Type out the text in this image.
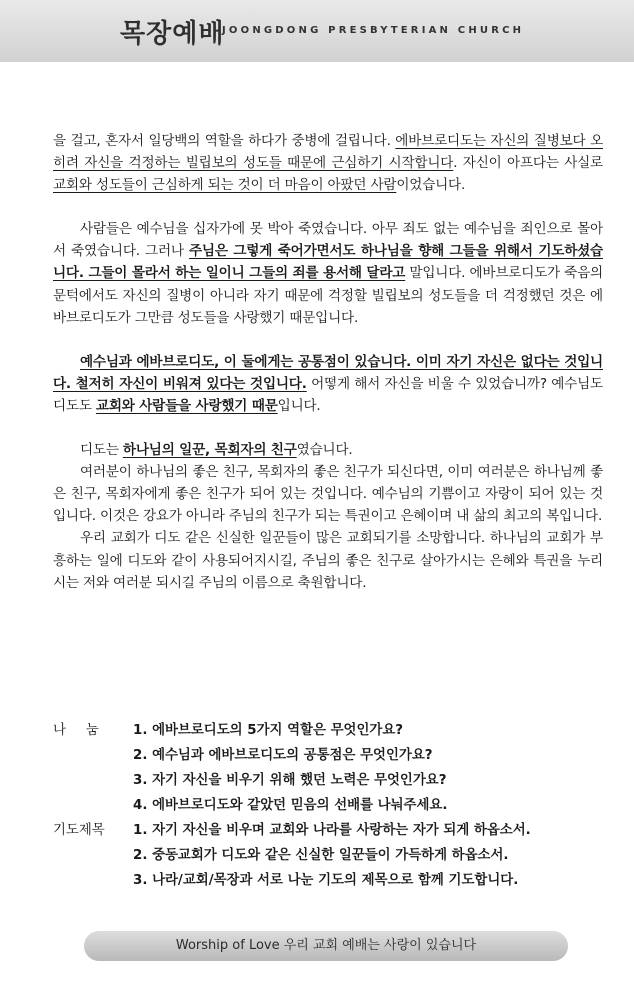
목장예배
JOONGDONG PRESBYTERIAN CHURCH

을 걸고, 혼자서 일당백의 역할을 하다가 중병에 걸립니다. 에바브로디도는 자신의 질병보다 오히려 자신을 걱정하는 빌립보의 성도들 때문에 근심하기 시작합니다. 자신이 아프다는 사실로 교회와 성도들이 근심하게 되는 것이 더 마음이 아팠던 사람이었습니다.

사람들은 예수님을 십자가에 못 박아 죽였습니다. 아무 죄도 없는 예수님을 죄인으로 몰아서 죽였습니다. 그러나 주님은 그렇게 죽어가면서도 하나님을 향해 그들을 위해서 기도하셨습니다. 그들이 몰라서 하는 일이니 그들의 죄를 용서해 달라고 말입니다. 에바브로디도가 죽음의 문턱에서도 자신의 질병이 아니라 자기 때문에 걱정할 빌립보의 성도들을 더 걱정했던 것은 에바브로디도가 그만큼 성도들을 사랑했기 때문입니다.

예수님과 에바브로디도, 이 둘에게는 공통점이 있습니다. 이미 자기 자신은 없다는 것입니다. 철저히 자신이 비워져 있다는 것입니다. 어떻게 해서 자신을 비울 수 있었습니까? 예수님도 디도도 교회와 사람들을 사랑했기 때문입니다.

디도는 하나님의 일꾼, 목회자의 친구였습니다.

여러분이 하나님의 좋은 친구, 목회자의 좋은 친구가 되신다면, 이미 여러분은 하나님께 좋은 친구, 목회자에게 좋은 친구가 되어 있는 것입니다. 예수님의 기쁨이고 자랑이 되어 있는 것입니다. 이것은 강요가 아니라 주님의 친구가 되는 특권이고 은혜이며 내 삶의 최고의 복입니다.

우리 교회가 디도 같은 신실한 일꾼들이 많은 교회되기를 소망합니다. 하나님의 교회가 부흥하는 일에 디도와 같이 사용되어지시길, 주님의 좋은 친구로 살아가시는 은혜와 특권을 누리시는 저와 여러분 되시길 주님의 이름으로 축원합니다.

나눔 1. 에바브로디도의 5가지 역할은 무엇인가요?
2. 예수님과 에바브로디도의 공통점은 무엇인가요?
3. 자기 자신을 비우기 위해 했던 노력은 무엇인가요?
4. 에바브로디도와 같았던 믿음의 선배를 나눠주세요.
기도제목 1. 자기 자신을 비우며 교회와 나라를 사랑하는 자가 되게 하옵소서.
2. 중동교회가 디도와 같은 신실한 일꾼들이 가득하게 하옵소서.
3. 나라/교회/목장과 서로 나눈 기도의 제목으로 함께 기도합니다.
Worship of Love 우리 교회 예배는 사랑이 있습니다
